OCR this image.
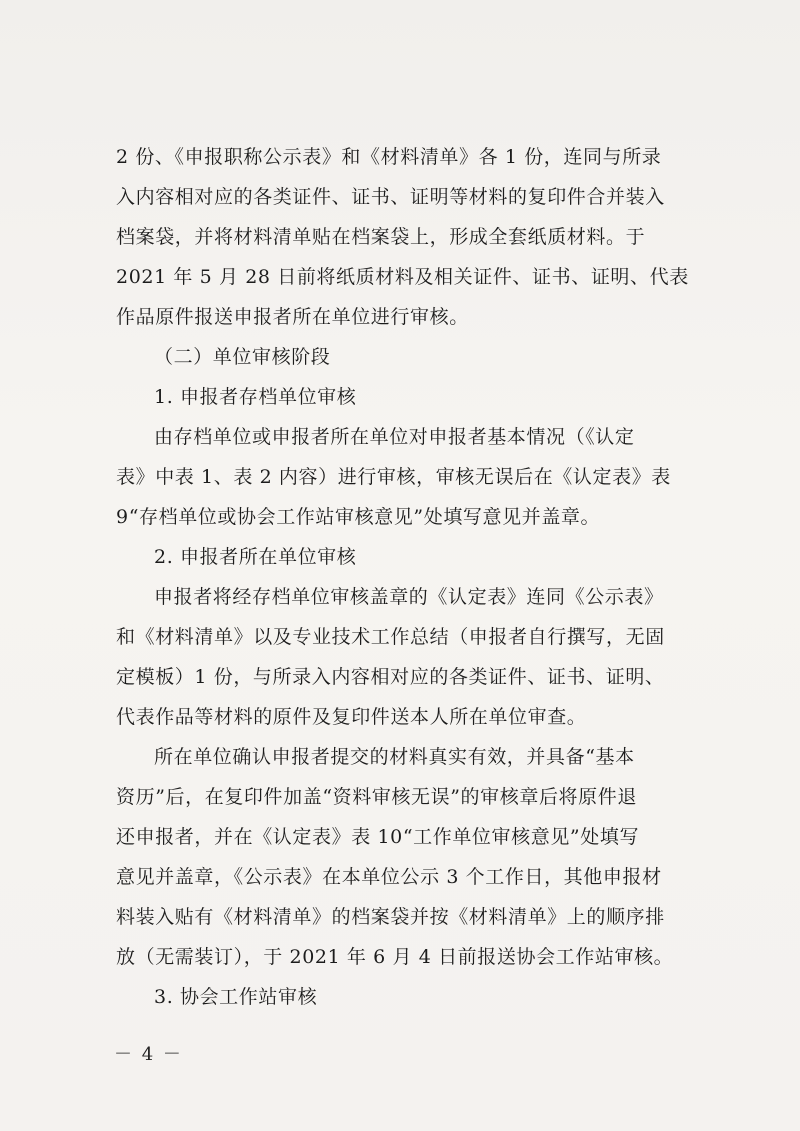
2 份、《申报职称公示表》和《材料清单》各 1 份，连同与所录
入内容相对应的各类证件、证书、证明等材料的复印件合并装入
档案袋，并将材料清单贴在档案袋上，形成全套纸质材料。于
2021 年 5 月 28 日前将纸质材料及相关证件、证书、证明、代表
作品原件报送申报者所在单位进行审核。
（二）单位审核阶段
1. 申报者存档单位审核
由存档单位或申报者所在单位对申报者基本情况（《认定
表》中表 1、表 2 内容）进行审核，审核无误后在《认定表》表
9“存档单位或协会工作站审核意见”处填写意见并盖章。
2. 申报者所在单位审核
申报者将经存档单位审核盖章的《认定表》连同《公示表》
和《材料清单》以及专业技术工作总结（申报者自行撰写，无固
定模板）1 份，与所录入内容相对应的各类证件、证书、证明、
代表作品等材料的原件及复印件送本人所在单位审查。
所在单位确认申报者提交的材料真实有效，并具备“基本
资历”后，在复印件加盖“资料审核无误”的审核章后将原件退
还申报者，并在《认定表》表 10“工作单位审核意见”处填写
意见并盖章，《公示表》在本单位公示 3 个工作日，其他申报材
料装入贴有《材料清单》的档案袋并按《材料清单》上的顺序排
放（无需装订），于 2021 年 6 月 4 日前报送协会工作站审核。
3. 协会工作站审核
－ 4 －
